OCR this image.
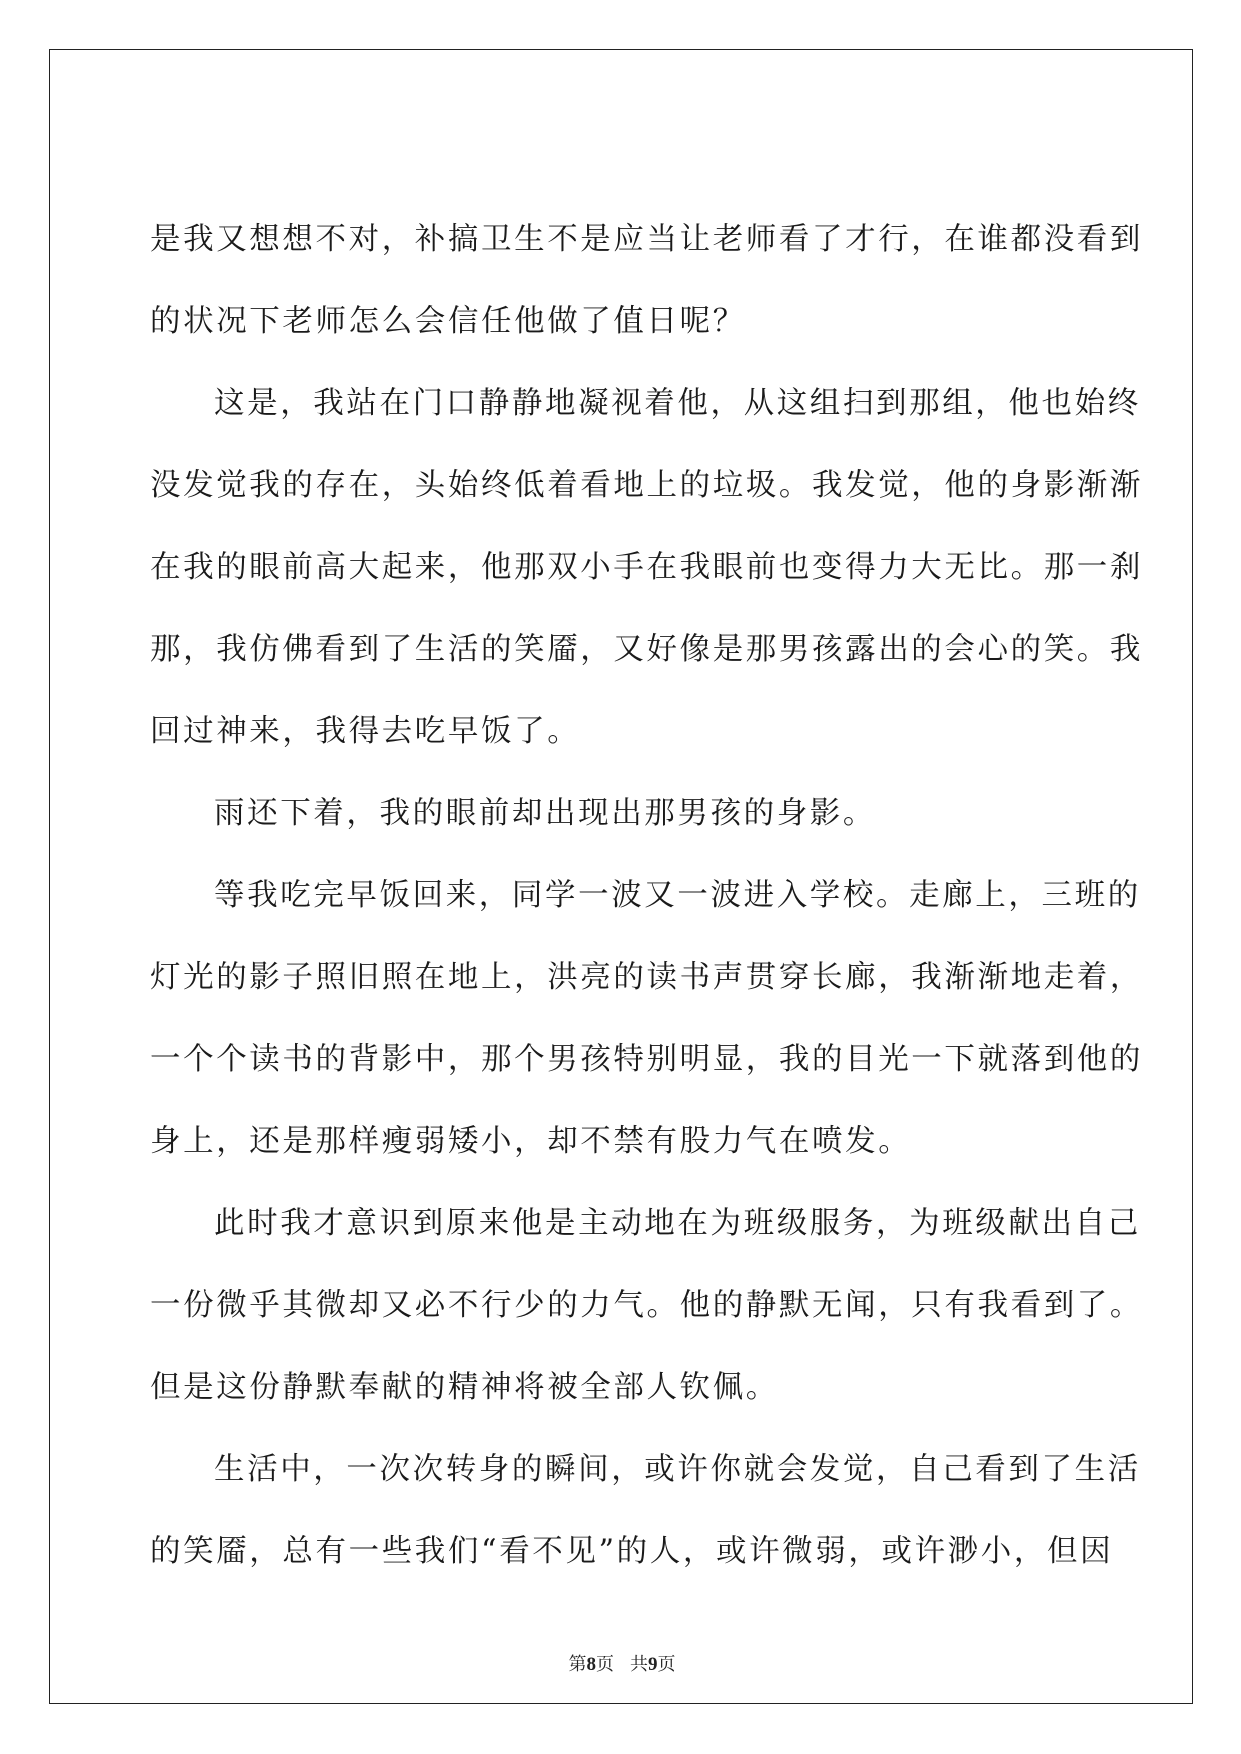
是我又想想不对，补搞卫生不是应当让老师看了才行，在谁都没看到
的状况下老师怎么会信任他做了值日呢？
这是，我站在门口静静地凝视着他，从这组扫到那组，他也始终
没发觉我的存在，头始终低着看地上的垃圾。我发觉，他的身影渐渐
在我的眼前高大起来，他那双小手在我眼前也变得力大无比。那一刹
那，我仿佛看到了生活的笑靥，又好像是那男孩露出的会心的笑。我
回过神来，我得去吃早饭了。
雨还下着，我的眼前却出现出那男孩的身影。
等我吃完早饭回来，同学一波又一波进入学校。走廊上，三班的
灯光的影子照旧照在地上，洪亮的读书声贯穿长廊，我渐渐地走着，
一个个读书的背影中，那个男孩特别明显，我的目光一下就落到他的
身上，还是那样瘦弱矮小，却不禁有股力气在喷发。
此时我才意识到原来他是主动地在为班级服务，为班级献出自己
一份微乎其微却又必不行少的力气。他的静默无闻，只有我看到了。
但是这份静默奉献的精神将被全部人钦佩。
生活中，一次次转身的瞬间，或许你就会发觉，自己看到了生活
的笑靥，总有一些我们“看不见”的人，或许微弱，或许渺小，但因
第8页 共9页
